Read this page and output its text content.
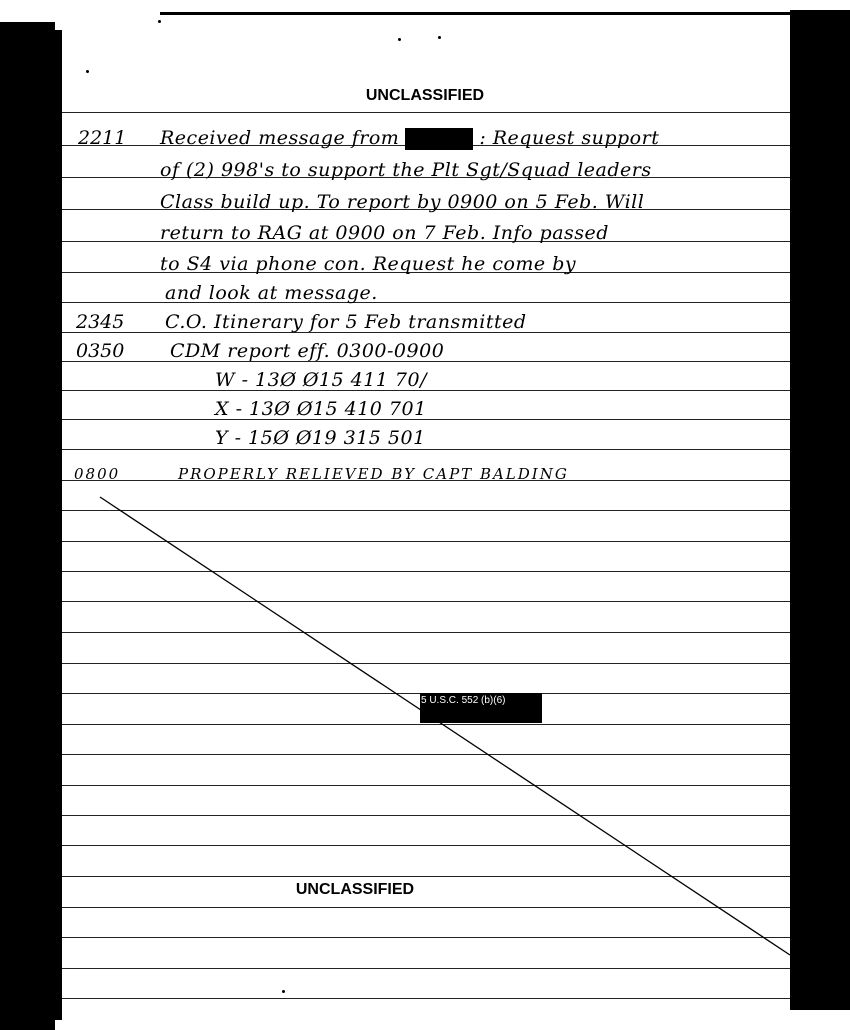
UNCLASSIFIED
2211 Received message from	: Request support
of (2) 998's to support the Plt Sgt/Squad leaders
Class build up. To report by 0900 on 5 Feb. Will
return to RAG at 0900 on 7 Feb. Info passed
to S4 via phone con. Request he come by
and look at message.
2345 C.O. Itinerary for 5 Feb transmitted
0350 CDM report eff. 0300-0900
W - 13Ø Ø15 411 70/
X - 13Ø Ø15 410 701
Y - 15Ø Ø19 315 501
0800	PROPERLY RELIEVED BY CAPT BALDING
5 U.S.C. 552 (b)(6)
UNCLASSIFIED
